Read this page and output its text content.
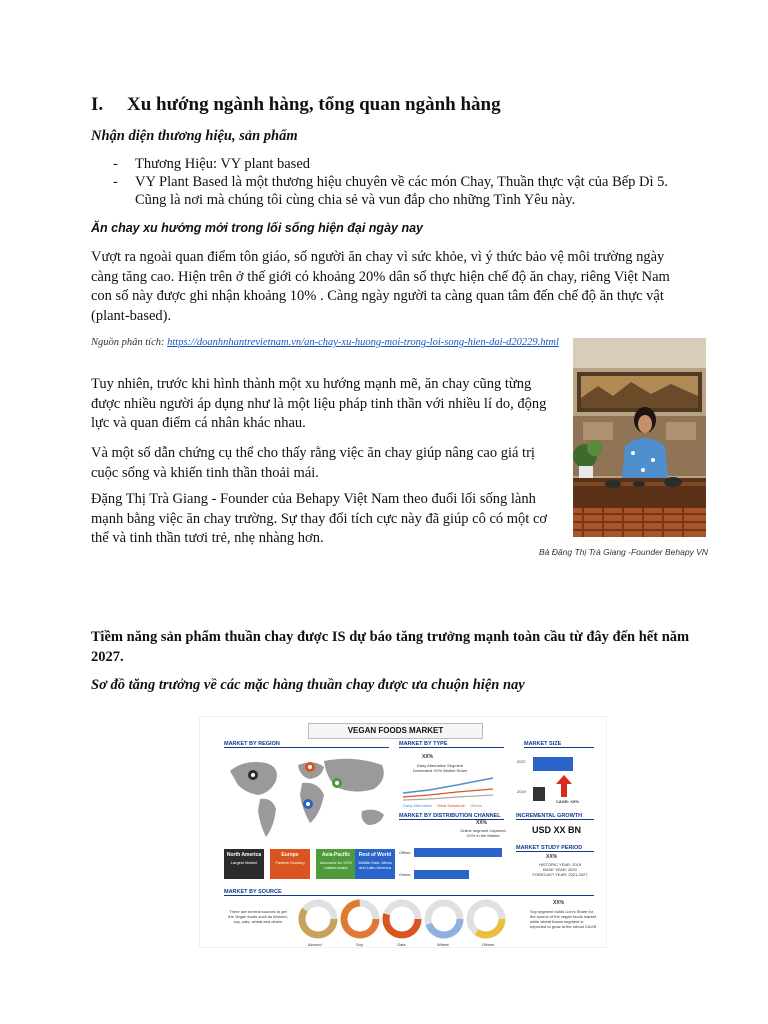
I. Xu hướng ngành hàng, tổng quan ngành hàng
Nhận diện thương hiệu, sản phẩm
- Thương Hiệu: VY plant based
- VY Plant Based là một thương hiệu chuyên về các món Chay, Thuần thực vật của Bếp Dì 5. Cũng là nơi mà chúng tôi cùng chia sẻ và vun đắp cho những Tình Yêu này.
Ăn chay xu hướng mới trong lối sống hiện đại ngày nay
Vượt ra ngoài quan điểm tôn giáo, số người ăn chay vì sức khỏe, vì ý thức bảo vệ môi trường ngày càng tăng cao. Hiện trên ở thế giới có khoảng 20% dân số thực hiện chế độ ăn chay, riêng Việt Nam con số này được ghi nhận khoảng 10% . Càng ngày người ta càng quan tâm đến chế độ ăn thực vật (plant-based).
Nguồn phân tích: https://doanhnhantrevietnam.vn/an-chay-xu-huong-moi-trong-loi-song-hien-dai-d20229.html
Tuy nhiên, trước khi hình thành một xu hướng mạnh mẽ, ăn chay cũng từng được nhiều người áp dụng như là một liệu pháp tinh thần với nhiều lí do, động lực và quan điểm cá nhân khác nhau.
Và một số dẫn chứng cụ thể cho thấy rằng việc ăn chay giúp nâng cao giá trị cuộc sống và khiến tinh thần thoải mái.
Đặng Thị Trà Giang - Founder của Behapy Việt Nam theo đuổi lối sống lành mạnh bằng việc ăn chay trường. Sự thay đổi tích cực này đã giúp cô có một cơ thể và tinh thần tươi trẻ, nhẹ nhàng hơn.
Bà Đặng Thị Trà Giang -Founder Behapy VN
Tiềm năng sản phẩm thuần chay được IS dự báo tăng trưởng mạnh toàn cầu từ đây đến hết năm 2027.
Sơ đồ tăng trưởng về các mặc hàng thuần chay được ưa chuộn hiện nay
VEGAN FOODS MARKET
MARKET BY REGION
North America
Largest Market
Europe
Fastest Growing
Asia-Pacific
Accounts for XX% market share
Rest of World
Middle East, Africa and Latin America
MARKET BY TYPE
XX%
Dairy Alternative Segment Dominated XX% Market Share
Dairy Alternative Meat Substitute Others
MARKET SIZE
2027
2019
CAGR: XX%
MARKET BY DISTRIBUTION CHANNEL
XX%
Online segment Captured XX% in the Market
Offline
Online
INCREMENTAL GROWTH
USD XX BN
MARKET STUDY PERIOD
XX%
HISTORIC YEAR: 2019
BASE YEAR: 2020
FORECAST YEAR: 2021-2027
MARKET BY SOURCE
There are several sources to get the Vegan foods such as Almond, soy, oats, wheat and others
Almond	Soy	Oats	Wheat	Others
XX%
Soy segment holds Lion's Share for the source of the vegan foods market while wheat foams segment is expected to grow at the robust CAGR
